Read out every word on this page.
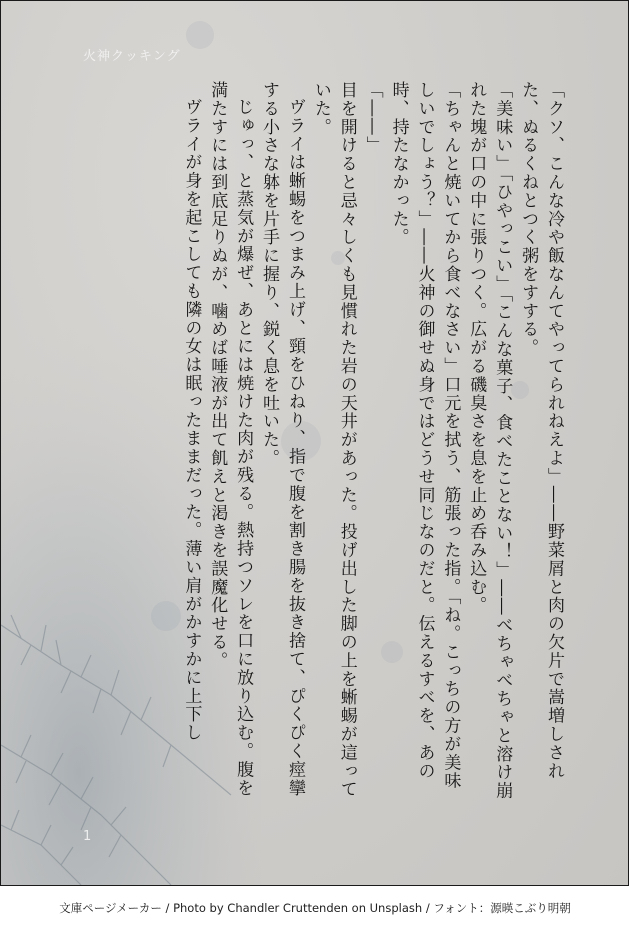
火神クッキング

「クソ、こんな冷や飯なんてやってられねえよ」――野菜屑と肉の欠片で嵩増しされた、ぬるくねとつく粥をすする。

「美味い」「ひやっこい」「こんな菓子、食べたことない！」――べちゃべちゃと溶け崩れた塊が口の中に張りつく。広がる磯臭さを息を止め呑み込む。

「ちゃんと焼いてから食べなさい」口元を拭う、筋張った指。「ね。こっちの方が美味しいでしょう？」――火神の御せぬ身ではどうせ同じなのだと。伝えるすべを、あの時、持たなかった。

「――」

目を開けると忌々しくも見慣れた岩の天井があった。投げ出した脚の上を蜥蜴が這っていた。

ヴライは蜥蜴をつまみ上げ、頸をひねり、指で腹を割き腸を抜き捨て、ぴくぴく痙攣する小さな躰を片手に握り、鋭く息を吐いた。

じゅっ、と蒸気が爆ぜ、あとには焼けた肉が残る。熱持つソレを口に放り込む。腹を満たすには到底足りぬが、噛めば唾液が出て飢えと渇きを誤魔化せる。

ヴライが身を起こしても隣の女は眠ったままだった。薄い肩がかすかに上下し

1
文庫ページメーカー / Photo by Chandler Cruttenden on Unsplash / フォント：源暎こぶり明朝
